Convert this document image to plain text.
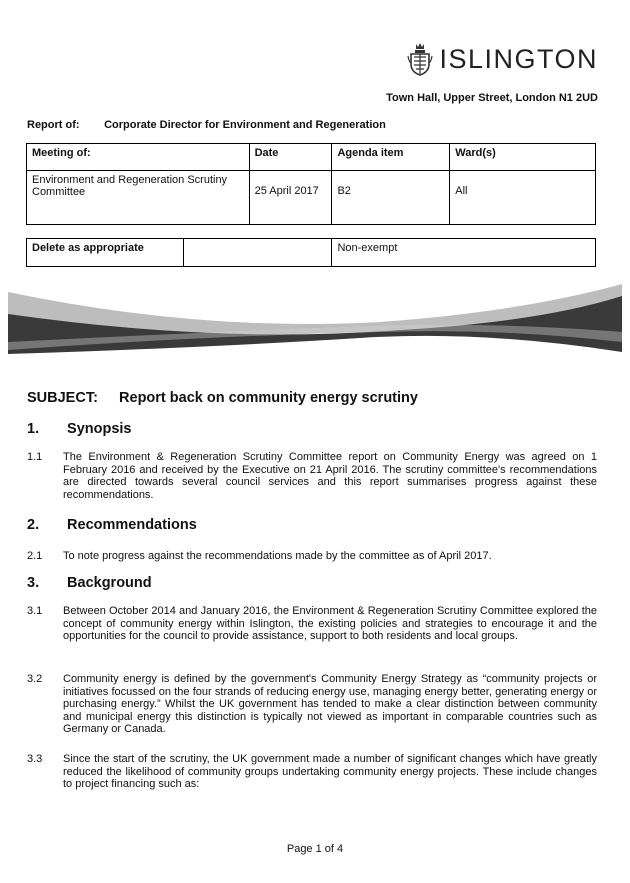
ISLINGTON
Town Hall, Upper Street, London N1 2UD
Report of: Corporate Director for Environment and Regeneration
Meeting of:	Date	Agenda item	Ward(s)
Environment and Regeneration Scrutiny Committee	25 April 2017	B2	All
Delete as appropriate		Non-exempt
SUBJECT: Report back on community energy scrutiny
1. Synopsis
1.1	The Environment & Regeneration Scrutiny Committee report on Community Energy was agreed on 1 February 2016 and received by the Executive on 21 April 2016. The scrutiny committee's recommendations are directed towards several council services and this report summarises progress against these recommendations.
2. Recommendations
2.1	To note progress against the recommendations made by the committee as of April 2017.
3. Background
3.1	Between October 2014 and January 2016, the Environment & Regeneration Scrutiny Committee explored the concept of community energy within Islington, the existing policies and strategies to encourage it and the opportunities for the council to provide assistance, support to both residents and local groups.
3.2	Community energy is defined by the government's Community Energy Strategy as “community projects or initiatives focussed on the four strands of reducing energy use, managing energy better, generating energy or purchasing energy.” Whilst the UK government has tended to make a clear distinction between community and municipal energy this distinction is typically not viewed as important in comparable countries such as Germany or Canada.
3.3	Since the start of the scrutiny, the UK government made a number of significant changes which have greatly reduced the likelihood of community groups undertaking community energy projects. These include changes to project financing such as:
Page 1 of 4
